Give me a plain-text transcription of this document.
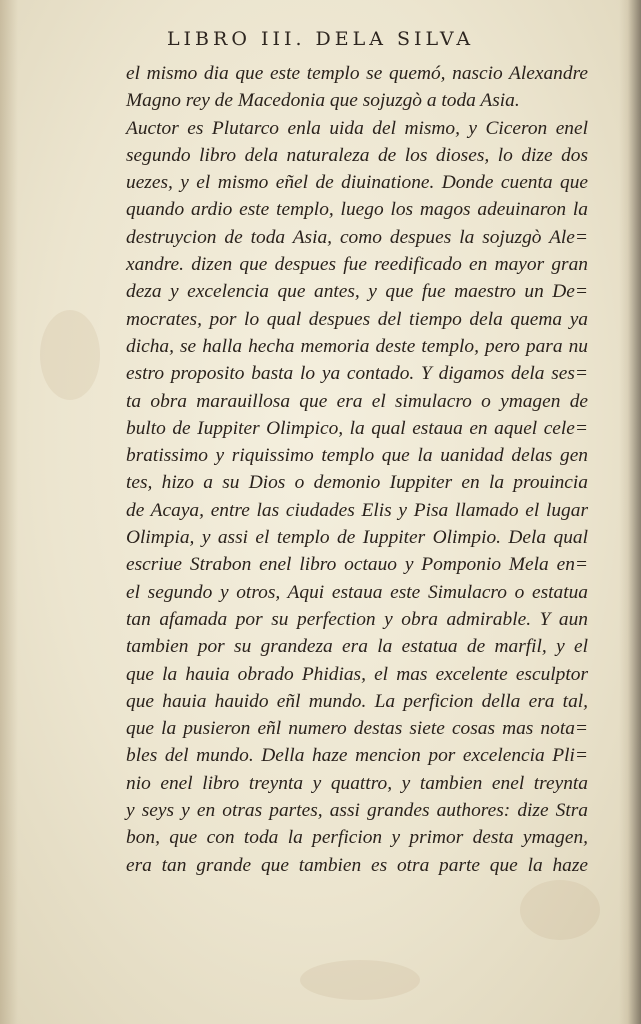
LIBRO III. DELA SILVA
el mismo dia que este templo se quemó, nascio Alexandre
Magno rey de Macedonia que sojuzgò a toda Asia.
Auctor es Plutarco enla uida del mismo, y Ciceron enel
segundo libro dela naturaleza de los dioses, lo dize dos
uezes, y el mismo eñel de diuinatione. Donde cuenta que
quando ardio este templo, luego los magos adeuinaron la
destruycion de toda Asia, como despues la sojuzgò Ale=
xandre. dizen que despues fue reedificado en mayor gran
deza y excelencia que antes, y que fue maestro un De=
mocrates, por lo qual despues del tiempo dela quema ya
dicha, se halla hecha memoria deste templo, pero para nu
estro proposito basta lo ya contado. Y digamos dela ses=
ta obra marauillosa que era el simulacro o ymagen de
bulto de Iuppiter Olimpico, la qual estaua en aquel cele=
bratissimo y riquissimo templo que la uanidad delas gen
tes, hizo a su Dios o demonio Iuppiter en la prouincia
de Acaya, entre las ciudades Elis y Pisa llamado el lugar
Olimpia, y assi el templo de Iuppiter Olimpio. Dela qual
escriue Strabon enel libro octauo y Pomponio Mela en=
el segundo y otros, Aqui estaua este Simulacro o estatua
tan afamada por su perfection y obra admirable. Y aun
tambien por su grandeza era la estatua de marfil, y el
que la hauia obrado Phidias, el mas excelente esculptor
que hauia hauido eñl mundo. La perficion della era tal,
que la pusieron eñl numero destas siete cosas mas nota=
bles del mundo. Della haze mencion por excelencia Pli=
nio enel libro treynta y quattro, y tambien enel treynta
y seys y en otras partes, assi grandes authores: dize Stra
bon, que con toda la perficion y primor desta ymagen,
era tan grande que tambien es otra parte que la haze
